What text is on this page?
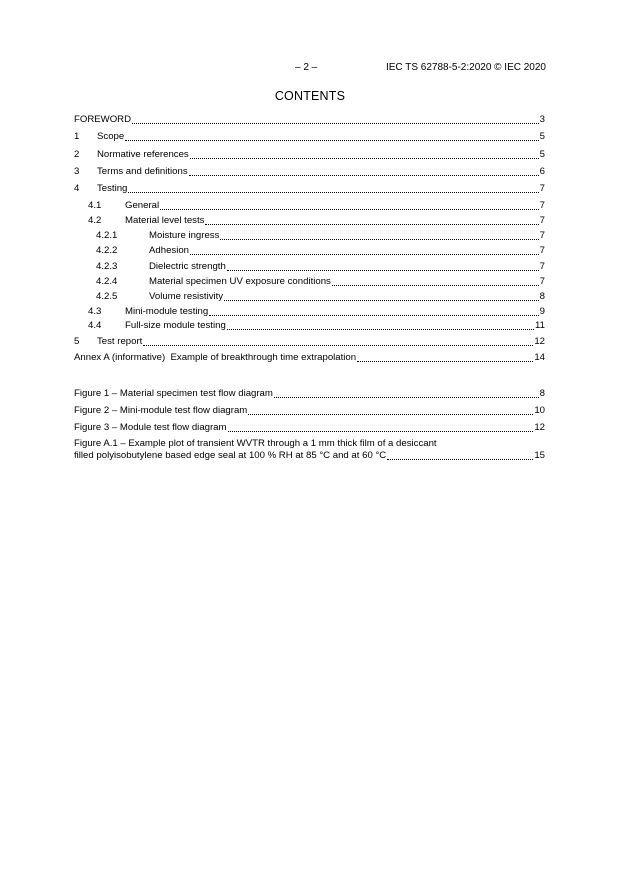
– 2 –	IEC TS 62788-5-2:2020 © IEC 2020
CONTENTS
FOREWORD	3
1	Scope	5
2	Normative references	5
3	Terms and definitions	6
4	Testing	7
4.1	General	7
4.2	Material level tests	7
4.2.1	Moisture ingress	7
4.2.2	Adhesion	7
4.2.3	Dielectric strength	7
4.2.4	Material specimen UV exposure conditions	7
4.2.5	Volume resistivity	8
4.3	Mini-module testing	9
4.4	Full-size module testing	11
5	Test report	12
Annex A (informative)  Example of breakthrough time extrapolation	14
Figure 1 – Material specimen test flow diagram	8
Figure 2 – Mini-module test flow diagram	10
Figure 3 – Module test flow diagram	12
Figure A.1 – Example plot of transient WVTR through a 1 mm thick film of a desiccant
filled polyisobutylene based edge seal at 100 % RH at 85 °C and at 60 °C	15
